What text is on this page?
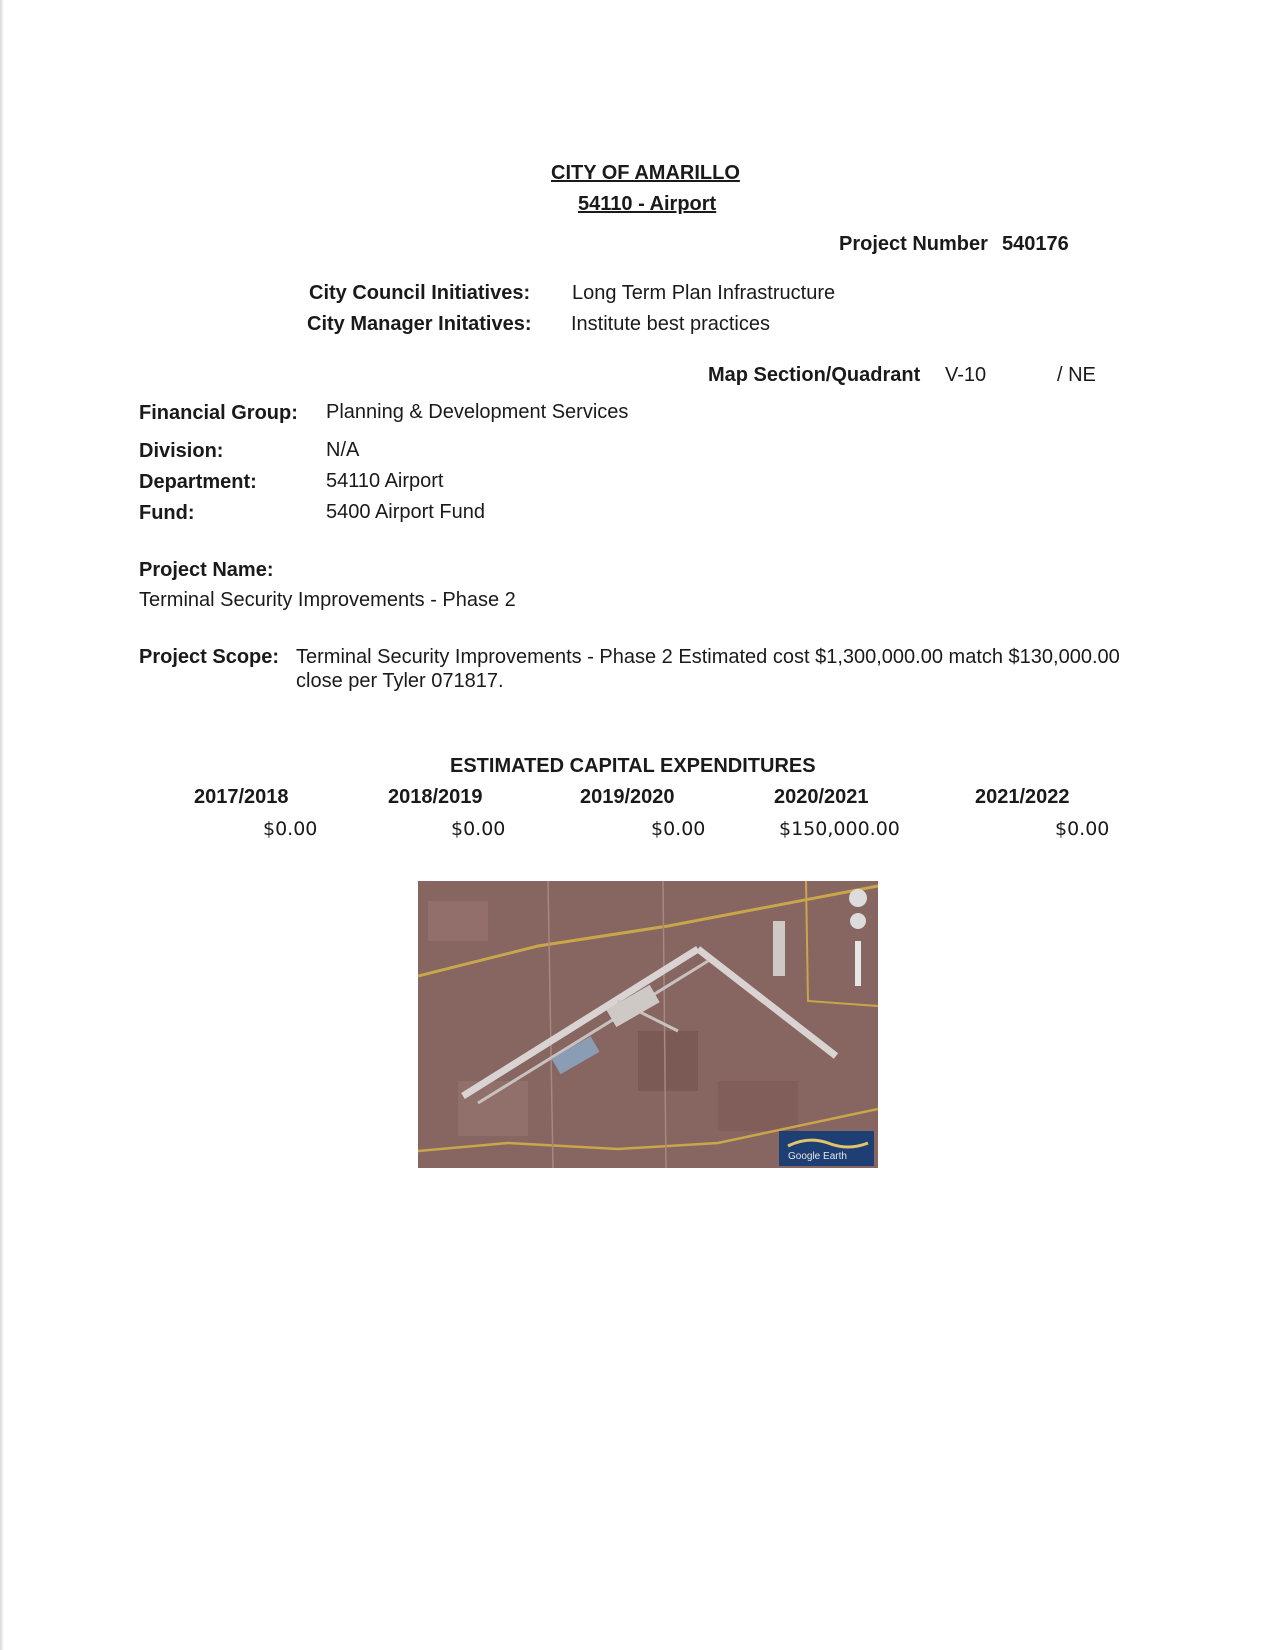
CITY OF AMARILLO
54110 - Airport
Project Number 540176
City Council Initiatives: Long Term Plan Infrastructure
City Manager Initatives: Institute best practices
Map Section/Quadrant V-10	/ NE
Financial Group: Planning & Development Services
Division:	N/A
Department:	54110 Airport
Fund:	5400 Airport Fund
Project Name:
Terminal Security Improvements - Phase 2
Project Scope: Terminal Security Improvements - Phase 2 Estimated cost $1,300,000.00 match $130,000.00
close per Tyler 071817.
ESTIMATED CAPITAL EXPENDITURES
2017/2018	2018/2019	2019/2020	2020/2021	2021/2022
$0.00	$0.00	$0.00	$150,000.00	$0.00
Google Earth
